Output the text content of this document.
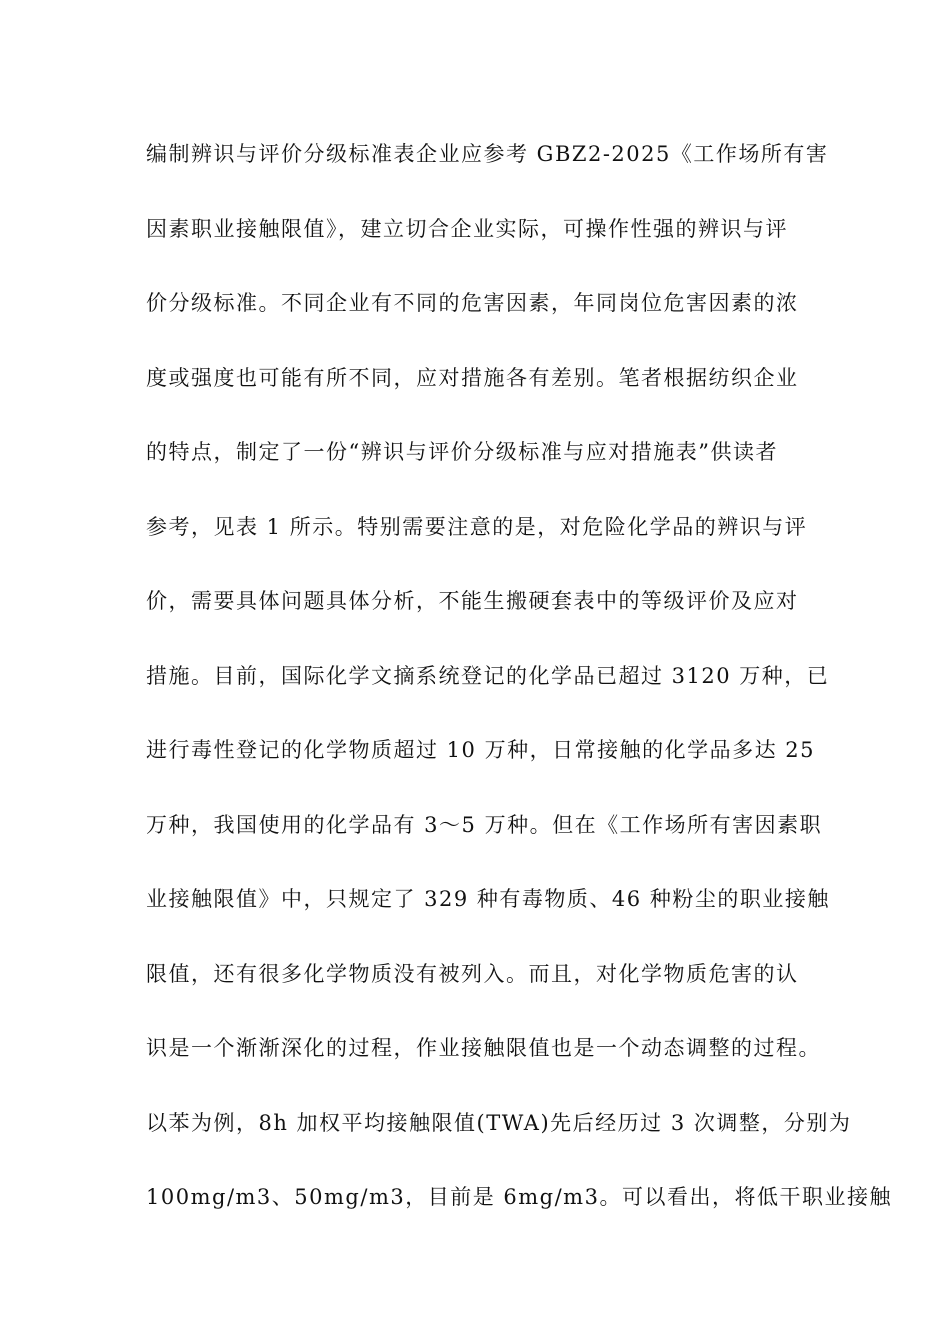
编制辨识与评价分级标准表企业应参考 GBZ2-2025《工作场所有害
因素职业接触限值》，建立切合企业实际，可操作性强的辨识与评
价分级标准。不同企业有不同的危害因素，年同岗位危害因素的浓
度或强度也可能有所不同，应对措施各有差别。笔者根据纺织企业
的特点，制定了一份“辨识与评价分级标准与应对措施表”供读者
参考，见表 1 所示。特别需要注意的是，对危险化学品的辨识与评
价，需要具体问题具体分析，不能生搬硬套表中的等级评价及应对
措施。目前，国际化学文摘系统登记的化学品已超过 3120 万种，已
进行毒性登记的化学物质超过 10 万种，日常接触的化学品多达 25
万种，我国使用的化学品有 3～5 万种。但在《工作场所有害因素职
业接触限值》中，只规定了 329 种有毒物质、46 种粉尘的职业接触
限值，还有很多化学物质没有被列入。而且，对化学物质危害的认
识是一个渐渐深化的过程，作业接触限值也是一个动态调整的过程。
以苯为例，8h 加权平均接触限值(TWA)先后经历过 3 次调整，分别为
100mg/m3、50mg/m3，目前是 6mg/m3。可以看出，将低干职业接触
